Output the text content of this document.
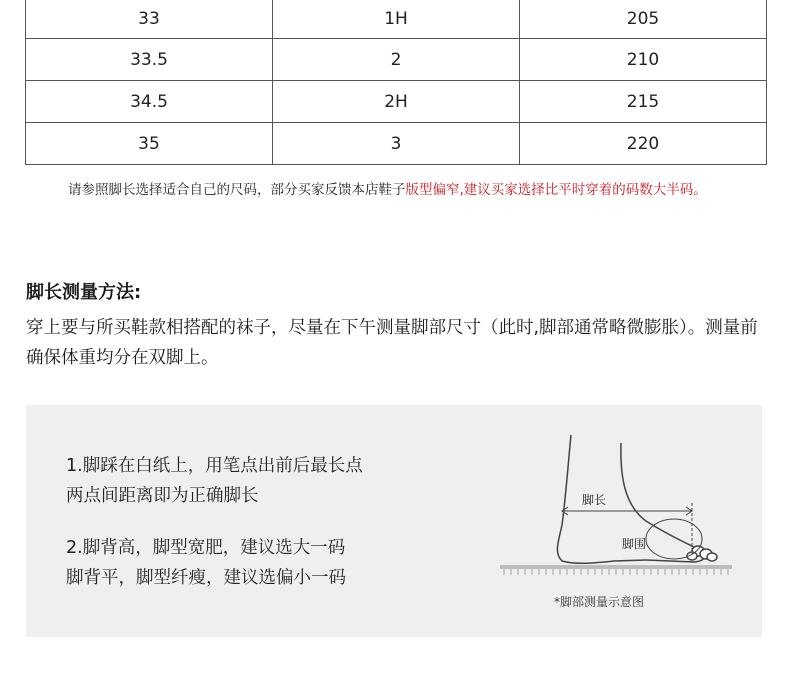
33	1H	205
33.5	2	210
34.5	2H	215
35	3	220
请参照脚长选择适合自己的尺码，部分买家反馈本店鞋子版型偏窄,建议买家选择比平时穿着的码数大半码。
脚长测量方法:
穿上要与所买鞋款相搭配的袜子，尽量在下午测量脚部尺寸（此时,脚部通常略微膨胀）。测量前确保体重均分在双脚上。
1.脚踩在白纸上，用笔点出前后最长点
两点间距离即为正确脚长
2.脚背高，脚型宽肥，建议选大一码
脚背平，脚型纤瘦，建议选偏小一码
脚长
脚围
*脚部测量示意图
